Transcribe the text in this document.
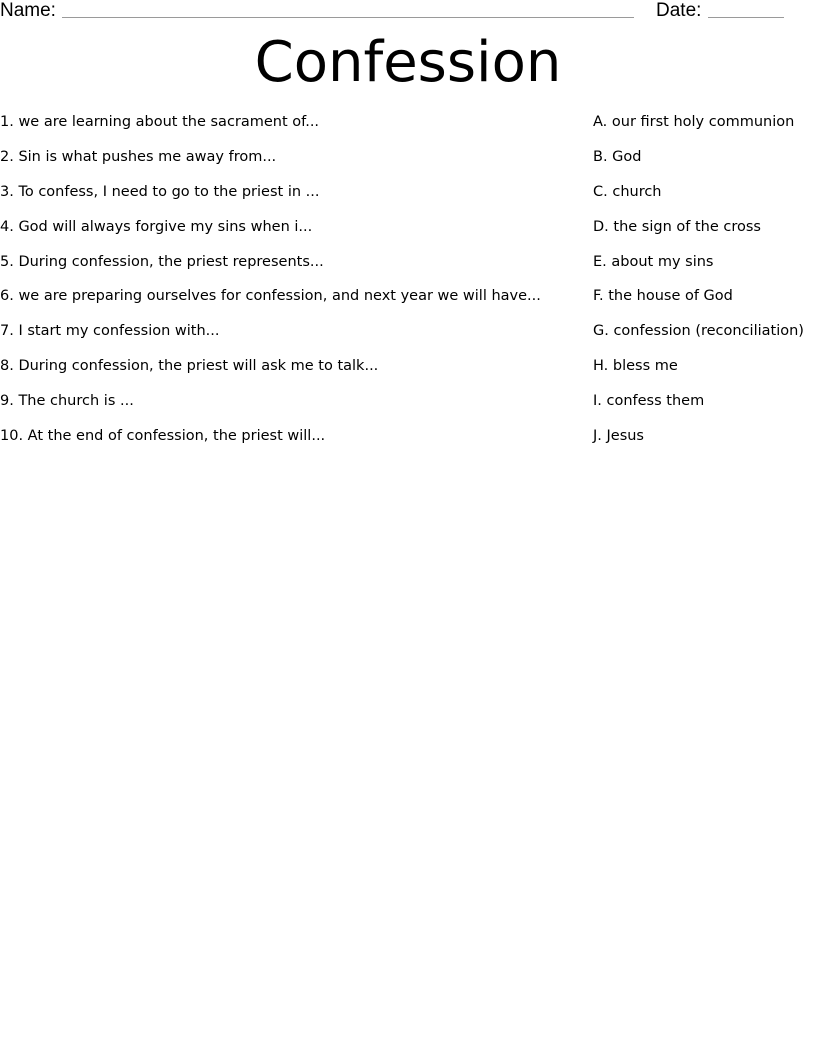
Name:	Date:
Confession
1. we are learning about the sacrament of...
2. Sin is what pushes me away from...
3. To confess, I need to go to the priest in ...
4. God will always forgive my sins when i...
5. During confession, the priest represents...
6. we are preparing ourselves for confession, and next year we will have...
7. I start my confession with...
8. During confession, the priest will ask me to talk...
9. The church is ...
10. At the end of confession, the priest will...
A. our first holy communion
B. God
C. church
D. the sign of the cross
E. about my sins
F. the house of God
G. confession (reconciliation)
H. bless me
I. confess them
J. Jesus
